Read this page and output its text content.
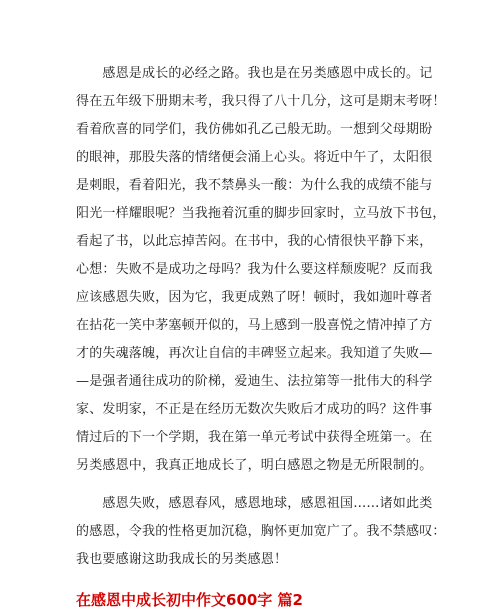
　　感恩是成长的必经之路。我也是在另类感恩中成长的。记
得在五年级下册期末考，我只得了八十几分，这可是期末考呀！
看着欣喜的同学们，我仿佛如孔乙己般无助。一想到父母期盼
的眼神，那股失落的情绪便会涌上心头。将近中午了，太阳很
是刺眼，看着阳光，我不禁鼻头一酸：为什么我的成绩不能与
阳光一样耀眼呢？当我拖着沉重的脚步回家时，立马放下书包，
看起了书，以此忘掉苦闷。在书中，我的心情很快平静下来，
心想：失败不是成功之母吗？我为什么要这样颓废呢？反而我
应该感恩失败，因为它，我更成熟了呀！顿时，我如迦叶尊者
在拈花一笑中茅塞顿开似的，马上感到一股喜悦之情冲掉了方
才的失魂落魄，再次让自信的丰碑竖立起来。我知道了失败—
—是强者通往成功的阶梯，爱迪生、法拉第等一批伟大的科学
家、发明家，不正是在经历无数次失败后才成功的吗？这件事
情过后的下一个学期，我在第一单元考试中获得全班第一。在
另类感恩中，我真正地成长了，明白感恩之物是无所限制的。

　　感恩失败，感恩春风，感恩地球，感恩祖国……诸如此类
的感恩，令我的性格更加沉稳，胸怀更加宽广了。我不禁感叹：
我也要感谢这助我成长的另类感恩！

在感恩中成长初中作文600字 篇2
